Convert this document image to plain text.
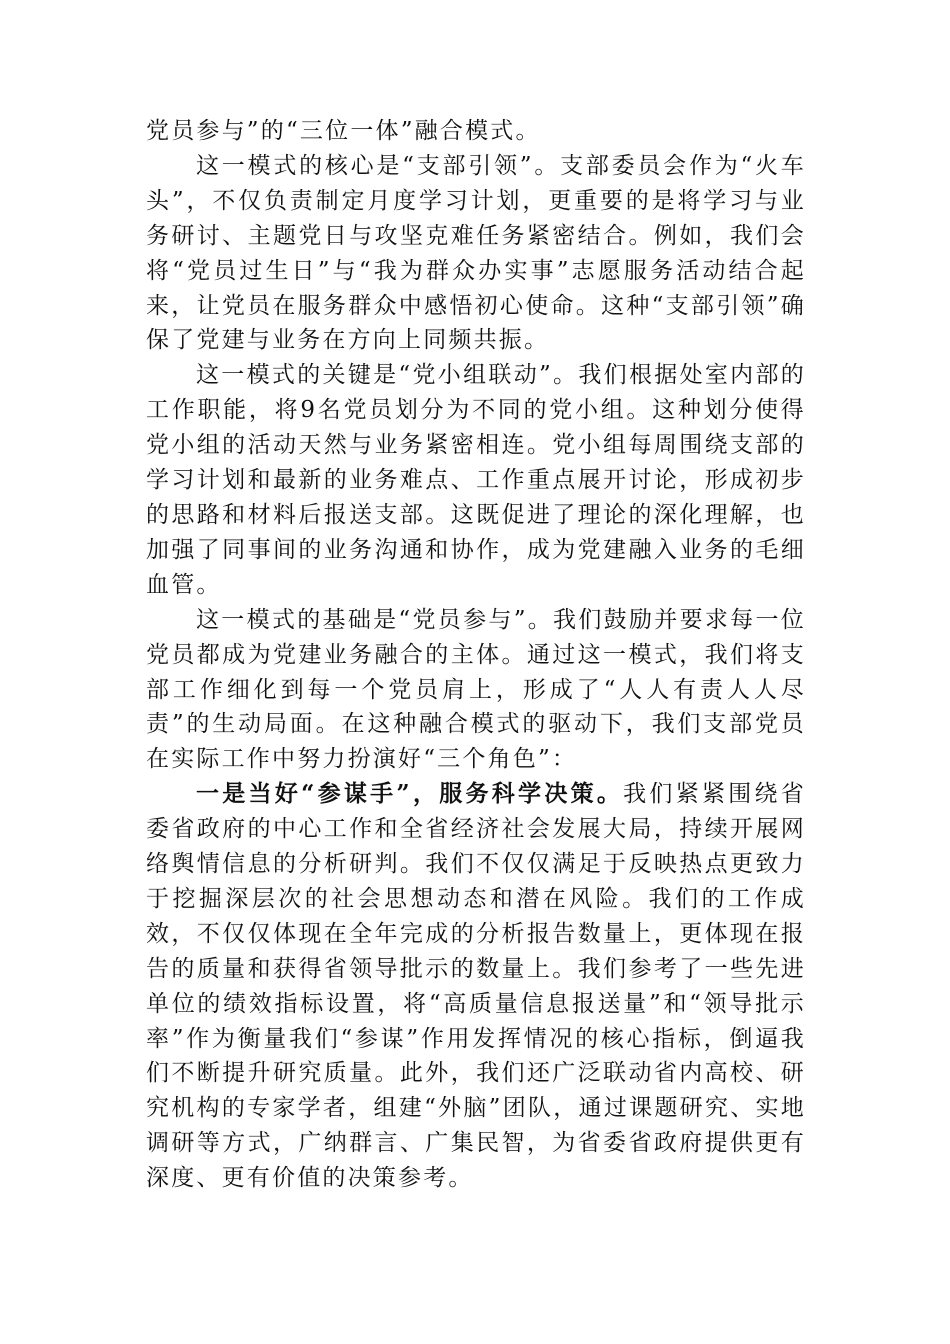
党员参与”的“三位一体”融合模式。

这一模式的核心是“支部引领”。支部委员会作为“火车头”，不仅负责制定月度学习计划，更重要的是将学习与业务研讨、主题党日与攻坚克难任务紧密结合。例如，我们会将“党员过生日”与“我为群众办实事”志愿服务活动结合起来，让党员在服务群众中感悟初心使命。这种“支部引领”确保了党建与业务在方向上同频共振。

这一模式的关键是“党小组联动”。我们根据处室内部的工作职能，将9名党员划分为不同的党小组。这种划分使得党小组的活动天然与业务紧密相连。党小组每周围绕支部的学习计划和最新的业务难点、工作重点展开讨论，形成初步的思路和材料后报送支部。这既促进了理论的深化理解，也加强了同事间的业务沟通和协作，成为党建融入业务的毛细血管。

这一模式的基础是“党员参与”。我们鼓励并要求每一位党员都成为党建业务融合的主体。通过这一模式，我们将支部工作细化到每一个党员肩上，形成了“人人有责人人尽责”的生动局面。在这种融合模式的驱动下，我们支部党员在实际工作中努力扮演好“三个角色”：

一是当好“参谋手”，服务科学决策。我们紧紧围绕省委省政府的中心工作和全省经济社会发展大局，持续开展网络舆情信息的分析研判。我们不仅仅满足于反映热点更致力于挖掘深层次的社会思想动态和潜在风险。我们的工作成效，不仅仅体现在全年完成的分析报告数量上，更体现在报告的质量和获得省领导批示的数量上。我们参考了一些先进单位的绩效指标设置，将“高质量信息报送量”和“领导批示率”作为衡量我们“参谋”作用发挥情况的核心指标，倒逼我们不断提升研究质量。此外，我们还广泛联动省内高校、研究机构的专家学者，组建“外脑”团队，通过课题研究、实地调研等方式，广纳群言、广集民智，为省委省政府提供更有深度、更有价值的决策参考。
